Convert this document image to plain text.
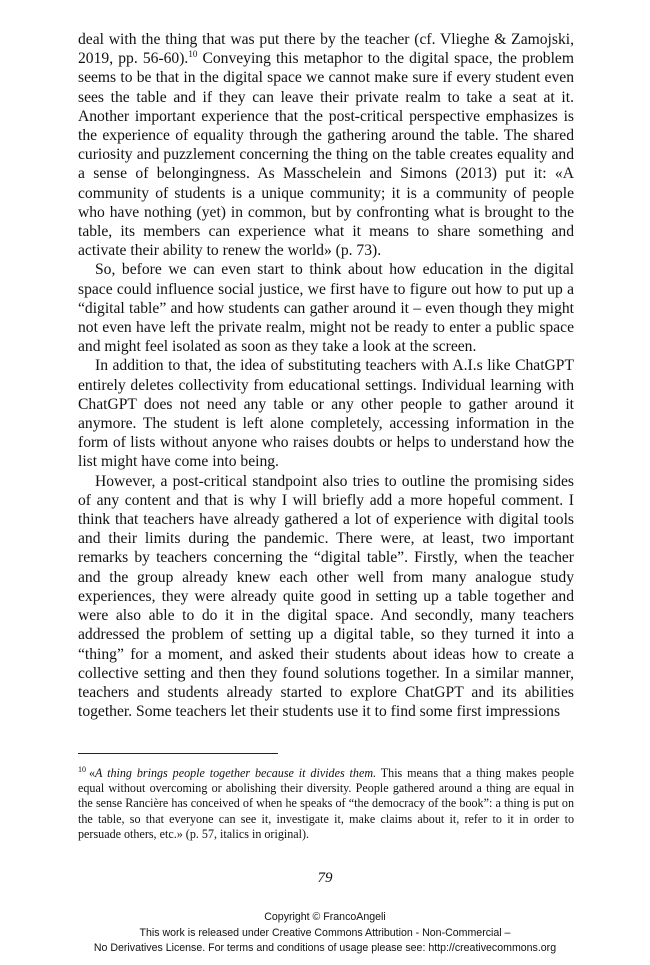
deal with the thing that was put there by the teacher (cf. Vlieghe & Zamojski, 2019, pp. 56-60).$^{10}$ Conveying this metaphor to the digital space, the problem seems to be that in the digital space we cannot make sure if every student even sees the table and if they can leave their private realm to take a seat at it. Another important experience that the post-critical perspective emphasizes is the experience of equality through the gathering around the table. The shared curiosity and puzzlement concerning the thing on the table creates equality and a sense of belongingness. As Masschelein and Simons (2013) put it: «A community of students is a unique community; it is a community of people who have nothing (yet) in common, but by confronting what is brought to the table, its members can experience what it means to share something and activate their ability to renew the world» (p. 73).

So, before we can even start to think about how education in the digital space could influence social justice, we first have to figure out how to put up a “digital table” and how students can gather around it – even though they might not even have left the private realm, might not be ready to enter a public space and might feel isolated as soon as they take a look at the screen.

In addition to that, the idea of substituting teachers with A.I.s like ChatGPT entirely deletes collectivity from educational settings. Individual learning with ChatGPT does not need any table or any other people to gather around it anymore. The student is left alone completely, accessing information in the form of lists without anyone who raises doubts or helps to understand how the list might have come into being.

However, a post-critical standpoint also tries to outline the promising sides of any content and that is why I will briefly add a more hopeful comment. I think that teachers have already gathered a lot of experience with digital tools and their limits during the pandemic. There were, at least, two important remarks by teachers concerning the “digital table”. Firstly, when the teacher and the group already knew each other well from many analogue study experiences, they were already quite good in setting up a table together and were also able to do it in the digital space. And secondly, many teachers addressed the problem of setting up a digital table, so they turned it into a “thing” for a moment, and asked their students about ideas how to create a collective setting and then they found solutions together. In a similar manner, teachers and students already started to explore ChatGPT and its abilities together. Some teachers let their students use it to find some first impressions

$^{10}$ «A thing brings people together because it divides them. This means that a thing makes people equal without overcoming or abolishing their diversity. People gathered around a thing are equal in the sense Rancière has conceived of when he speaks of “the democracy of the book”: a thing is put on the table, so that everyone can see it, investigate it, make claims about it, refer to it in order to persuade others, etc.» (p. 57, italics in original).

79
Copyright © FrancoAngeli
This work is released under Creative Commons Attribution - Non-Commercial –
No Derivatives License. For terms and conditions of usage please see: http://creativecommons.org
